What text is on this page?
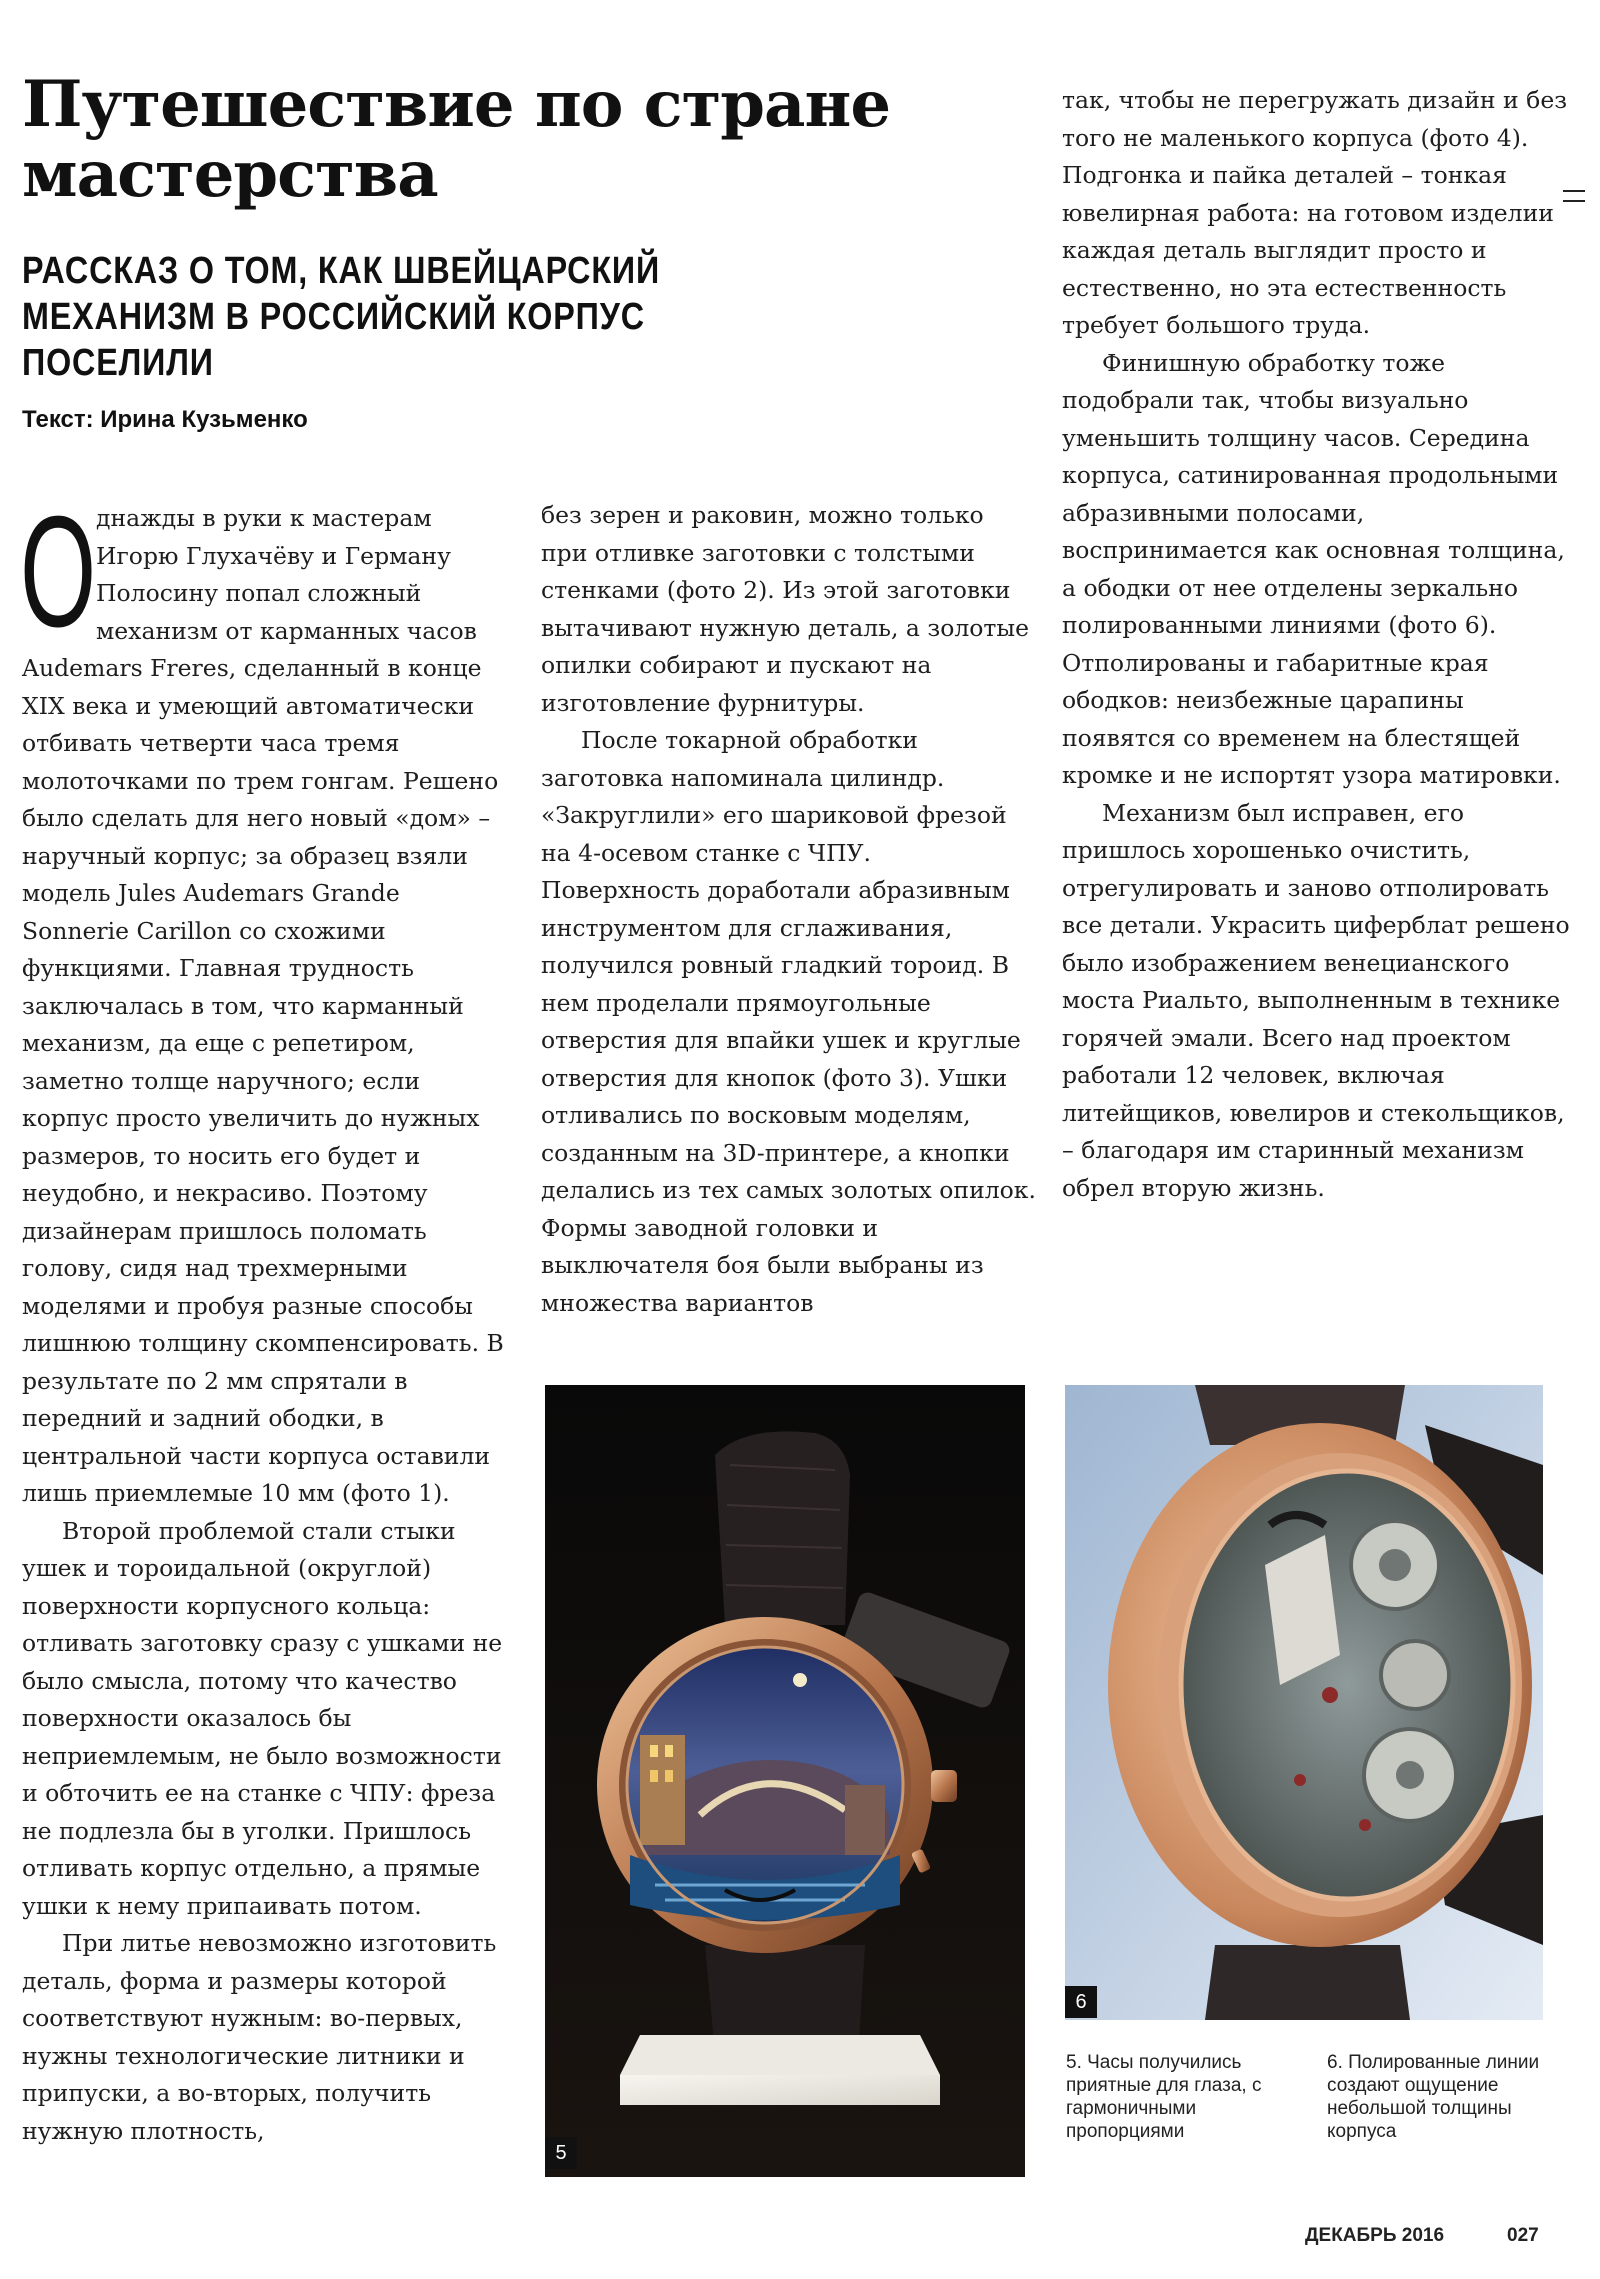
Путешествие по стране мастерства
РАССКАЗ О ТОМ, КАК ШВЕЙЦАРСКИЙ МЕХАНИЗМ В РОССИЙСКИЙ КОРПУС ПОСЕЛИЛИ
Текст: Ирина Кузьменко
О днажды в руки к мастерам Игорю Глухачёву и Герману Полосину попал сложный механизм от карманных часов Audemars Freres, сделанный в конце XIX века и умеющий автоматически отбивать четверти часа тремя молоточками по трем гонгам. Решено было сделать для него новый «дом» – наручный корпус; за образец взяли модель Jules Audemars Grande Sonnerie Carillon со схожими функциями. Главная трудность заключалась в том, что карманный механизм, да еще с репетиром, заметно толще наручного; если корпус просто увеличить до нужных размеров, то носить его будет и неудобно, и некрасиво. Поэтому дизайнерам пришлось поломать голову, сидя над трехмерными моделями и пробуя разные способы лишнюю толщину скомпенсировать. В результате по 2 мм спрятали в передний и задний ободки, в центральной части корпуса оставили лишь приемлемые 10 мм (фото 1).

Второй проблемой стали стыки ушек и тороидальной (округлой) поверхности корпусного кольца: отливать заготовку сразу с ушками не было смысла, потому что качество поверхности оказалось бы неприемлемым, не было возможности и обточить ее на станке с ЧПУ: фреза не подлезла бы в уголки. Пришлось отливать корпус отдельно, а прямые ушки к нему припаивать потом.

При литье невозможно изготовить деталь, форма и размеры которой соответствуют нужным: во-первых, нужны технологические литники и припуски, а во-вторых, получить нужную плотность,

без зерен и раковин, можно только при отливке заготовки с толстыми стенками (фото 2). Из этой заготовки вытачивают нужную деталь, а золотые опилки собирают и пускают на изготовление фурнитуры.

После токарной обработки заготовка напоминала цилиндр. «Закруглили» его шариковой фрезой на 4-осевом станке с ЧПУ. Поверхность доработали абразивным инструментом для сглаживания, получился ровный гладкий тороид. В нем проделали прямоугольные отверстия для впайки ушек и круглые отверстия для кнопок (фото 3). Ушки отливались по восковым моделям, созданным на 3D-принтере, а кнопки делались из тех самых золотых опилок. Формы заводной головки и выключателя боя были выбраны из множества вариантов

так, чтобы не перегружать дизайн и без того не маленького корпуса (фото 4). Подгонка и пайка деталей – тонкая ювелирная работа: на готовом изделии каждая деталь выглядит просто и естественно, но эта естественность требует большого труда.

Финишную обработку тоже подобрали так, чтобы визуально уменьшить толщину часов. Середина корпуса, сатинированная продольными абразивными полосами, воспринимается как основная толщина, а ободки от нее отделены зеркально полированными линиями (фото 6). Отполированы и габаритные края ободков: неизбежные царапины появятся со временем на блестящей кромке и не испортят узора матировки.

Механизм был исправен, его пришлось хорошенько очистить, отрегулировать и заново отполировать все детали. Украсить циферблат решено было изображением венецианского моста Риальто, выполненным в технике горячей эмали. Всего над проектом работали 12 человек, включая литейщиков, ювелиров и стекольщиков, – благодаря им старинный механизм обрел вторую жизнь.

5
6

5. Часы получились приятные для глаза, с гармоничными пропорциями

6. Полированные линии создают ощущение небольшой толщины корпуса

ДЕКАБРЬ 2016	027
